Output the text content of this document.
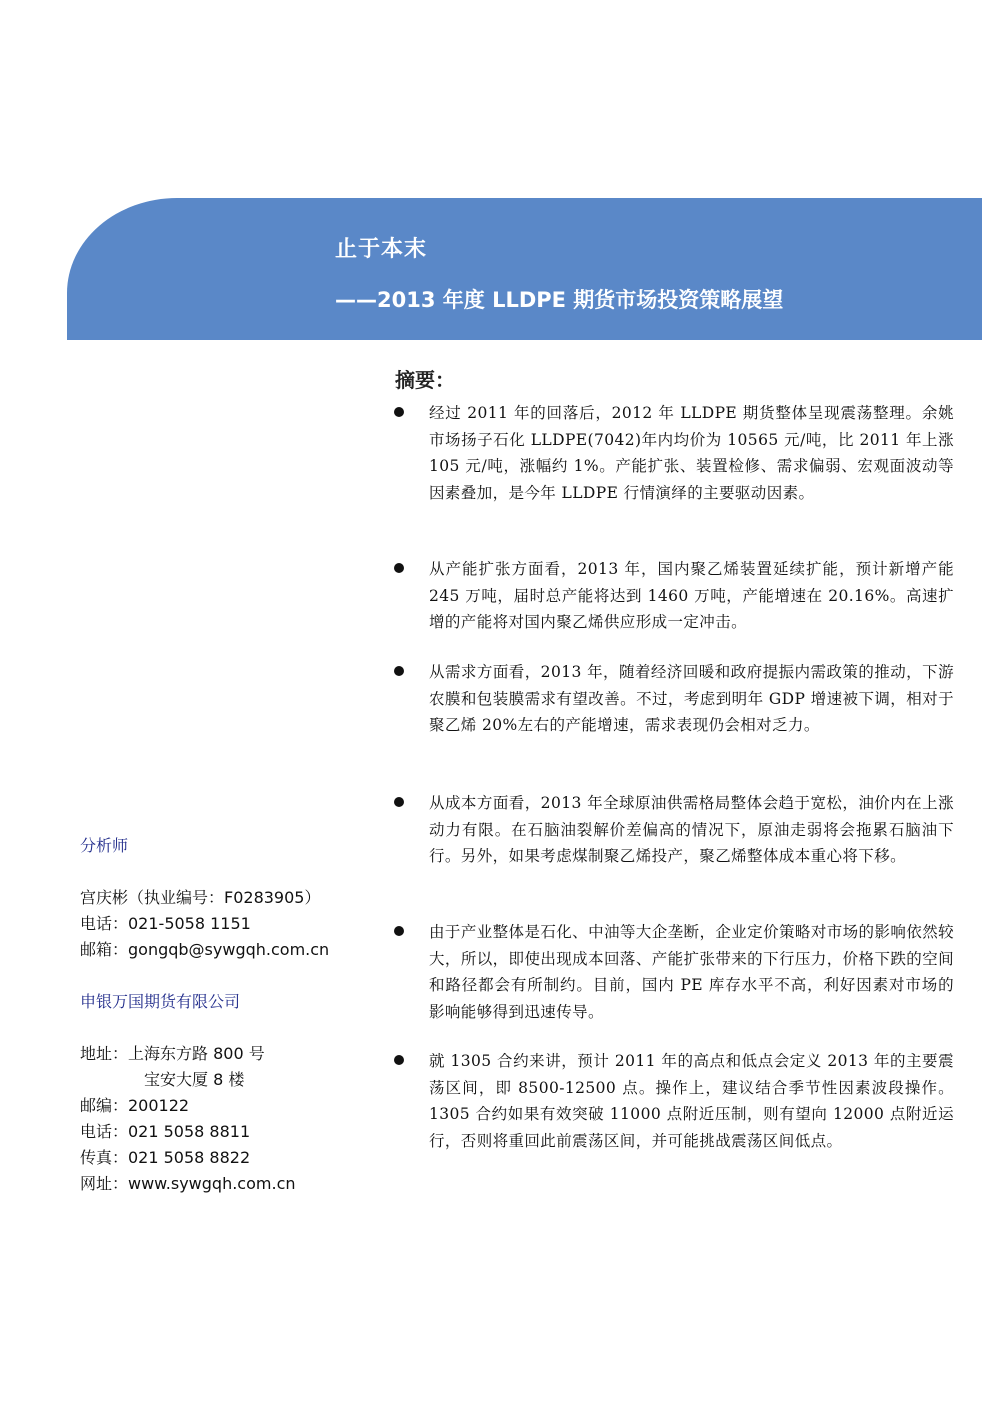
止于本末
——2013 年度 LLDPE 期货市场投资策略展望
摘要：
经过 2011 年的回落后，2012 年 LLDPE 期货整体呈现震荡整理。余姚市场扬子石化 LLDPE(7042)年内均价为 10565 元/吨，比 2011 年上涨 105 元/吨，涨幅约 1%。产能扩张、装置检修、需求偏弱、宏观面波动等因素叠加，是今年 LLDPE 行情演绎的主要驱动因素。
从产能扩张方面看，2013 年，国内聚乙烯装置延续扩能，预计新增产能 245 万吨，届时总产能将达到 1460 万吨，产能增速在 20.16%。高速扩增的产能将对国内聚乙烯供应形成一定冲击。
从需求方面看，2013 年，随着经济回暖和政府提振内需政策的推动，下游农膜和包装膜需求有望改善。不过，考虑到明年 GDP 增速被下调，相对于聚乙烯 20%左右的产能增速，需求表现仍会相对乏力。
从成本方面看，2013 年全球原油供需格局整体会趋于宽松，油价内在上涨动力有限。在石脑油裂解价差偏高的情况下，原油走弱将会拖累石脑油下行。另外，如果考虑煤制聚乙烯投产，聚乙烯整体成本重心将下移。
由于产业整体是石化、中油等大企垄断，企业定价策略对市场的影响依然较大，所以，即使出现成本回落、产能扩张带来的下行压力，价格下跌的空间和路径都会有所制约。目前，国内 PE 库存水平不高，利好因素对市场的影响能够得到迅速传导。
就 1305 合约来讲，预计 2011 年的高点和低点会定义 2013 年的主要震荡区间，即 8500-12500 点。操作上，建议结合季节性因素波段操作。1305 合约如果有效突破 11000 点附近压制，则有望向 12000 点附近运行，否则将重回此前震荡区间，并可能挑战震荡区间低点。
分析师
宫庆彬（执业编号：F0283905）
电话：021-5058 1151
邮箱：gongqb@sywgqh.com.cn
申银万国期货有限公司
地址：上海东方路 800 号
宝安大厦 8 楼
邮编：200122
电话：021 5058 8811
传真：021 5058 8822
网址：www.sywgqh.com.cn
